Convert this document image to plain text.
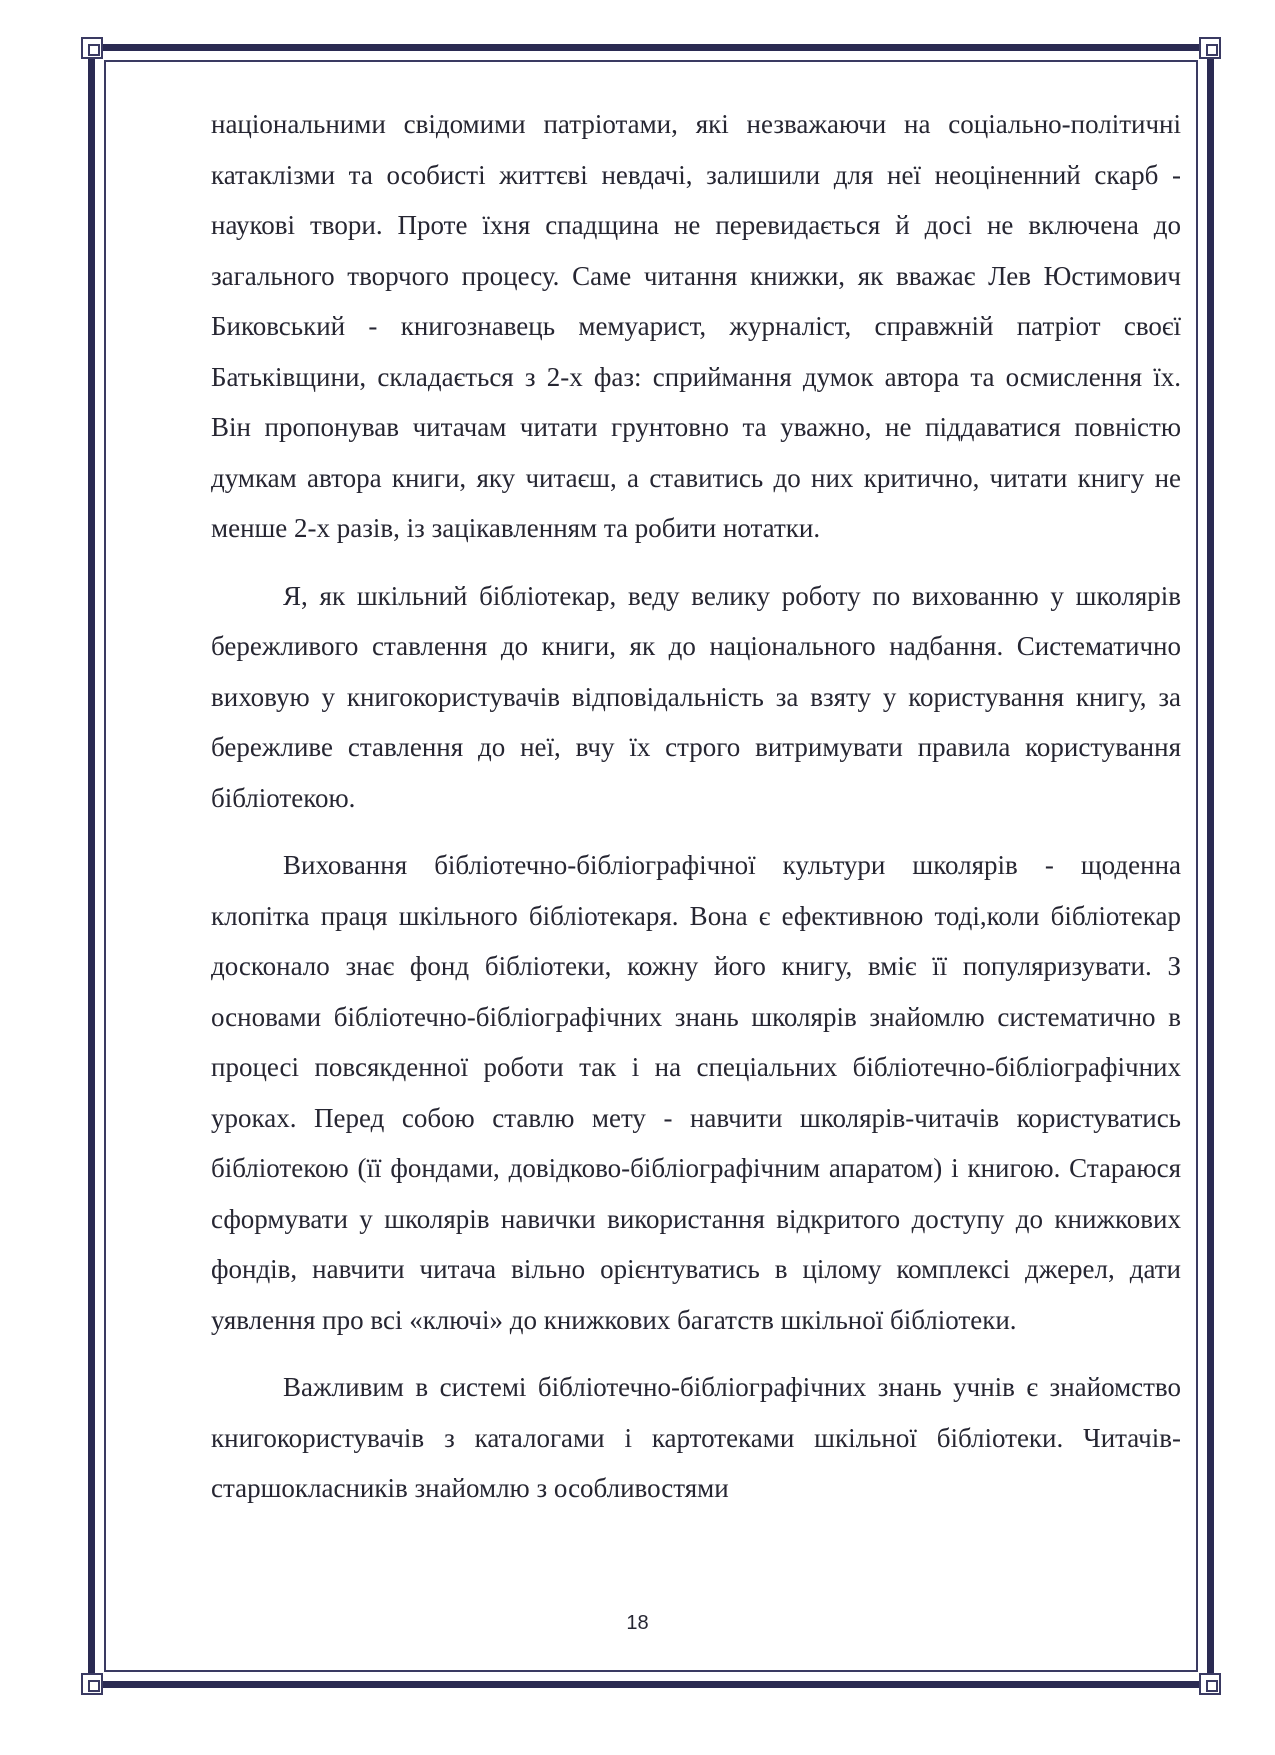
національними свідомими патріотами, які незважаючи на соціально-політичні катаклізми та особисті життєві невдачі, залишили для неї неоціненний скарб - наукові твори. Проте їхня спадщина не перевидається й досі не включена до загального творчого процесу. Саме читання книжки, як вважає Лев Юстимович Биковський - книгознавець мемуарист, журналіст, справжній патріот своєї Батьківщини, складається з 2-х фаз: сприймання думок автора та осмислення їх. Він пропонував читачам читати грунтовно та уважно, не піддаватися повністю думкам автора книги, яку читаєш, а ставитись до них критично, читати книгу не менше 2-х разів, із зацікавленням та робити нотатки.

Я, як шкільний бібліотекар, веду велику роботу по вихованню у школярів бережливого ставлення до книги, як до національного надбання. Систематично виховую у книгокористувачів відповідальність за взяту у користування книгу, за бережливе ставлення до неї, вчу їх строго витримувати правила користування бібліотекою.

Виховання бібліотечно-бібліографічної культури школярів - щоденна клопітка праця шкільного бібліотекаря. Вона є ефективною тоді,коли бібліотекар досконало знає фонд бібліотеки, кожну його книгу, вміє її популяризувати. З основами бібліотечно-бібліографічних знань школярів знайомлю систематично в процесі повсякденної роботи так і на спеціальних бібліотечно-бібліографічних уроках. Перед собою ставлю мету - навчити школярів-читачів користуватись бібліотекою (її фондами, довідково-бібліографічним апаратом) і книгою. Стараюся сформувати у школярів навички використання відкритого доступу до книжкових фондів, навчити читача вільно орієнтуватись в цілому комплексі джерел, дати уявлення про всі «ключі» до книжкових багатств шкільної бібліотеки.

Важливим в системі бібліотечно-бібліографічних знань учнів є знайомство книгокористувачів з каталогами і картотеками шкільної бібліотеки. Читачів-старшокласників знайомлю з особливостями

18
